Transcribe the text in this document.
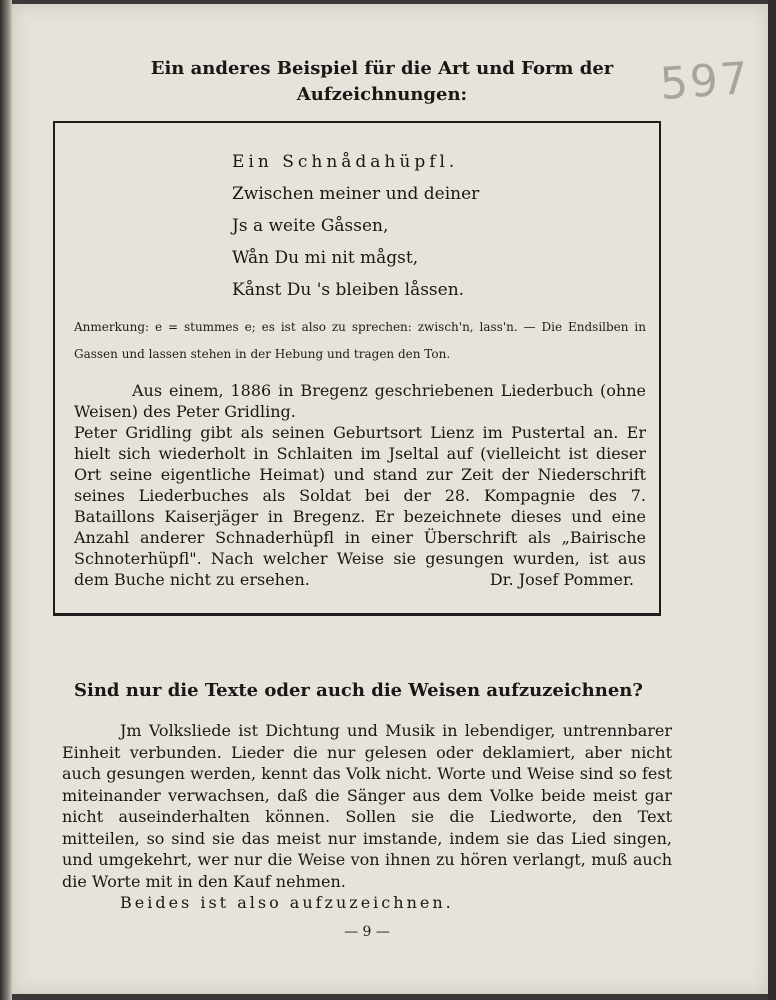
Ein anderes Beispiel für die Art und Form der
Aufzeichnungen:	597
Ein Schnådahüpfl.
Zwischen meiner und deiner
Js a weite Gåssen,
Wån Du mi nit mågst,
Kånst Du 's bleiben låssen.
Anmerkung: e = stummes e; es ist also zu sprechen: zwisch'n, lass'n. — Die Endsilben in Gassen und lassen stehen in der Hebung und tragen den Ton.
Aus einem, 1886 in Bregenz geschriebenen Liederbuch (ohne Weisen) des Peter Gridling.
Peter Gridling gibt als seinen Geburtsort Lienz im Pustertal an. Er hielt sich wiederholt in Schlaiten im Jseltal auf (vielleicht ist dieser Ort seine eigentliche Heimat) und stand zur Zeit der Niederschrift seines Liederbuches als Soldat bei der 28. Kompagnie des 7. Bataillons Kaiserjäger in Bregenz. Er bezeichnete dieses und eine Anzahl anderer Schnaderhüpfl in einer Überschrift als „Bairische Schnoterhüpfl". Nach welcher Weise sie gesungen wurden, ist aus dem Buche nicht zu ersehen.	Dr. Josef Pommer.
Sind nur die Texte oder auch die Weisen aufzuzeichnen?

Jm Volksliede ist Dichtung und Musik in lebendiger, untrennbarer Einheit verbunden. Lieder die nur gelesen oder deklamiert, aber nicht auch gesungen werden, kennt das Volk nicht. Worte und Weise sind so fest miteinander verwachsen, daß die Sänger aus dem Volke beide meist gar nicht auseinderhalten können. Sollen sie die Liedworte, den Text mitteilen, so sind sie das meist nur imstande, indem sie das Lied singen, und umgekehrt, wer nur die Weise von ihnen zu hören verlangt, muß auch die Worte mit in den Kauf nehmen.

Beides ist also aufzuzeichnen.

— 9 —
